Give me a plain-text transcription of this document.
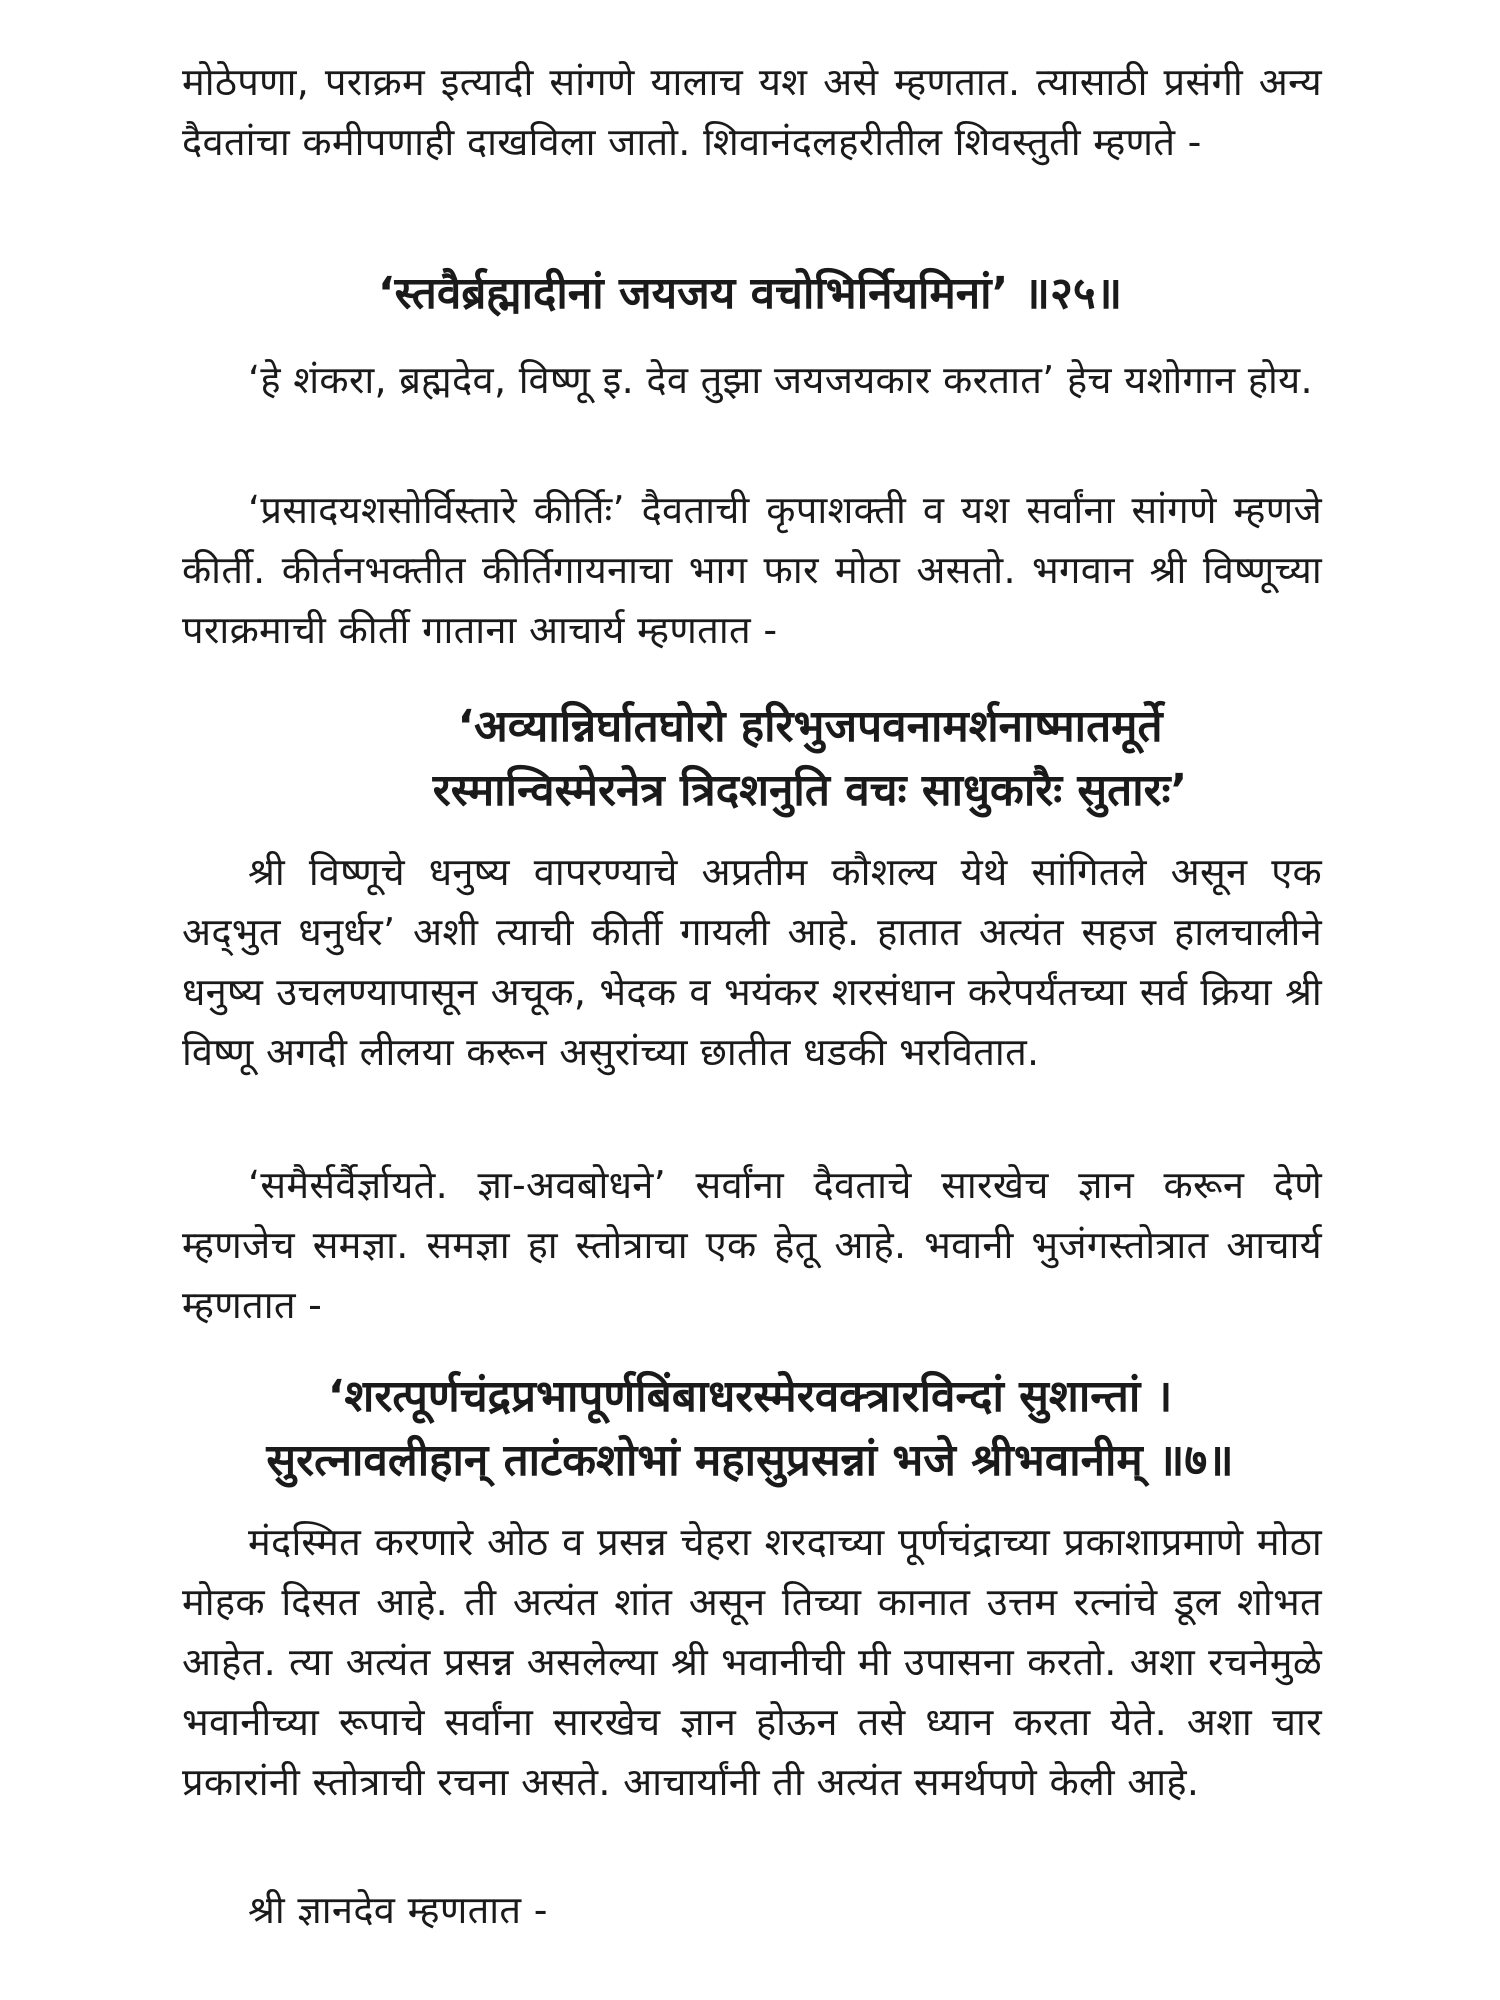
मोठेपणा, पराक्रम इत्यादी सांगणे यालाच यश असे म्हणतात. त्यासाठी प्रसंगी अन्य दैवतांचा कमीपणाही दाखविला जातो. शिवानंदलहरीतील शिवस्तुती म्हणते -

‘स्तवैर्ब्रह्मादीनां जयजय वचोभिर्नियमिनां’ ॥२५॥

‘हे शंकरा, ब्रह्मदेव, विष्णू इ. देव तुझा जयजयकार करतात’ हेच यशोगान होय.

‘प्रसादयशसोर्विस्तारे कीर्तिः’ दैवताची कृपाशक्ती व यश सर्वांना सांगणे म्हणजे कीर्ती. कीर्तनभक्तीत कीर्तिगायनाचा भाग फार मोठा असतो. भगवान श्री विष्णूच्या पराक्रमाची कीर्ती गाताना आचार्य म्हणतात -

‘अव्यान्निर्घातघोरो हरिभुजपवनामर्शनाष्मातमूर्ते
रस्मान्विस्मेरनेत्र त्रिदशनुति वचः साधुकारैः सुतारः’

श्री विष्णूचे धनुष्य वापरण्याचे अप्रतीम कौशल्य येथे सांगितले असून एक अद्‌भुत धनुर्धर’ अशी त्याची कीर्ती गायली आहे. हातात अत्यंत सहज हालचालीने धनुष्य उचलण्यापासून अचूक, भेदक व भयंकर शरसंधान करेपर्यंतच्या सर्व क्रिया श्री विष्णू अगदी लीलया करून असुरांच्या छातीत धडकी भरवितात.

‘समैर्सर्वैर्ज्ञायते. ज्ञा-अवबोधने’ सर्वांना दैवताचे सारखेच ज्ञान करून देणे म्हणजेच समज्ञा. समज्ञा हा स्तोत्राचा एक हेतू आहे. भवानी भुजंगस्तोत्रात आचार्य म्हणतात -

‘शरत्पूर्णचंद्रप्रभापूर्णबिंबाधरस्मेरवक्त्रारविन्दां सुशान्तां ।
सुरत्नावलीहान् ताटंकशोभां महासुप्रसन्नां भजे श्रीभवानीम् ॥७॥

मंदस्मित करणारे ओठ व प्रसन्न चेहरा शरदाच्या पूर्णचंद्राच्या प्रकाशाप्रमाणे मोठा मोहक दिसत आहे. ती अत्यंत शांत असून तिच्या कानात उत्तम रत्नांचे डूल शोभत आहेत. त्या अत्यंत प्रसन्न असलेल्या श्री भवानीची मी उपासना करतो. अशा रचनेमुळे भवानीच्या रूपाचे सर्वांना सारखेच ज्ञान होऊन तसे ध्यान करता येते. अशा चार प्रकारांनी स्तोत्राची रचना असते. आचार्यांनी ती अत्यंत समर्थपणे केली आहे.

श्री ज्ञानदेव म्हणतात -
